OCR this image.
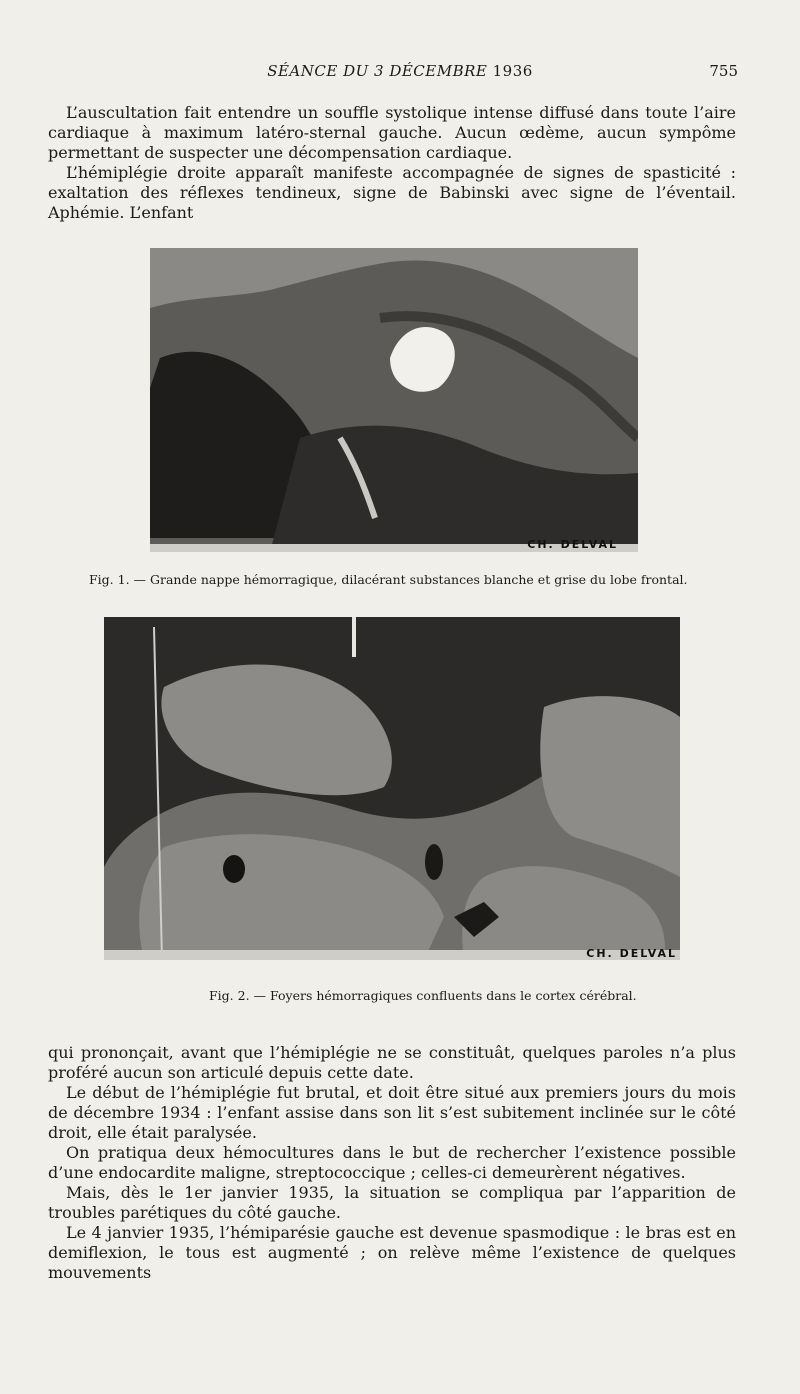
SÉANCE DU 3 DÉCEMBRE 1936	755

L’auscultation fait entendre un souffle systolique intense diffusé dans toute l’aire cardiaque à maximum latéro-sternal gauche. Aucun œdème, aucun sympôme permettant de suspecter une décompensation cardiaque.

L’hémiplégie droite apparaît manifeste accompagnée de signes de spasticité : exaltation des réflexes tendineux, signe de Babinski avec signe de l’éventail. Aphémie. L’enfant

CH. DELVAL
Fig. 1. — Grande nappe hémorragique, dilacérant substances blanche et grise du lobe frontal.
CH. DELVAL
Fig. 2. — Foyers hémorragiques confluents dans le cortex cérébral.

qui prononçait, avant que l’hémiplégie ne se constituât, quelques paroles n’a plus proféré aucun son articulé depuis cette date.

Le début de l’hémiplégie fut brutal, et doit être situé aux premiers jours du mois de décembre 1934 : l’enfant assise dans son lit s’est subitement inclinée sur le côté droit, elle était paralysée.

On pratiqua deux hémocultures dans le but de rechercher l’existence possible d’une endocardite maligne, streptococcique ; celles-ci demeurèrent négatives.

Mais, dès le 1er janvier 1935, la situation se compliqua par l’apparition de troubles parétiques du côté gauche.

Le 4 janvier 1935, l’hémiparésie gauche est devenue spasmodique : le bras est en demiflexion, le tous est augmenté ; on relève même l’existence de quelques mouvements
